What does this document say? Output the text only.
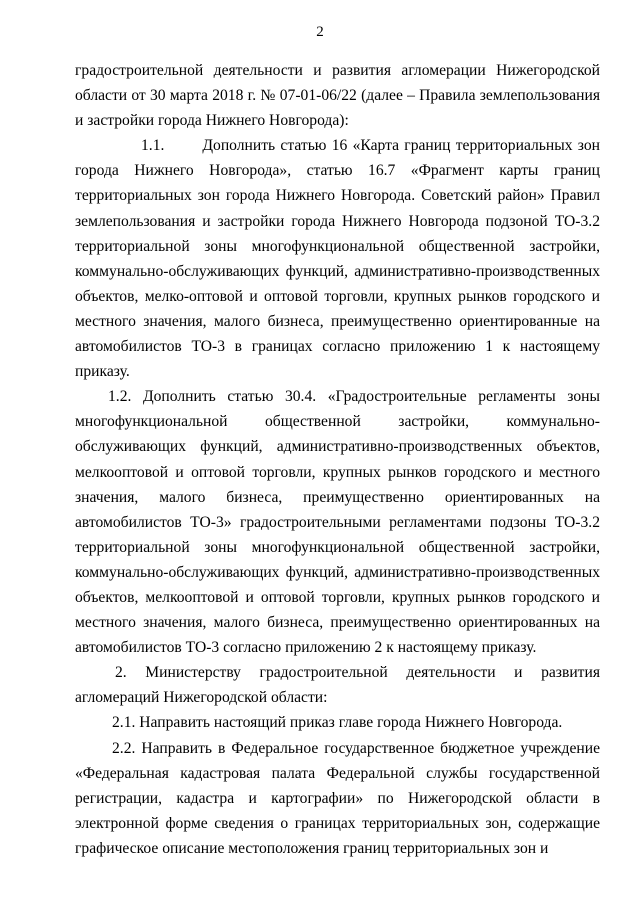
2

градостроительной деятельности и развития агломерации Нижегородской области от 30 марта 2018 г. № 07-01-06/22 (далее – Правила землепользования и застройки города Нижнего Новгорода):

1.1. Дополнить статью 16 «Карта границ территориальных зон города Нижнего Новгорода», статью 16.7 «Фрагмент карты границ территориальных зон города Нижнего Новгорода. Советский район» Правил землепользования и застройки города Нижнего Новгорода подзоной ТО-3.2 территориальной зоны многофункциональной общественной застройки, коммунально-обслуживающих функций, административно-производственных объектов, мелко-оптовой и оптовой торговли, крупных рынков городского и местного значения, малого бизнеса, преимущественно ориентированные на автомобилистов ТО-3 в границах согласно приложению 1 к настоящему приказу.

1.2. Дополнить статью 30.4. «Градостроительные регламенты зоны многофункциональной общественной застройки, коммунально-обслуживающих функций, административно-производственных объектов, мелкооптовой и оптовой торговли, крупных рынков городского и местного значения, малого бизнеса, преимущественно ориентированных на автомобилистов ТО-3» градостроительными регламентами подзоны ТО-3.2 территориальной зоны многофункциональной общественной застройки, коммунально-обслуживающих функций, административно-производственных объектов, мелкооптовой и оптовой торговли, крупных рынков городского и местного значения, малого бизнеса, преимущественно ориентированных на автомобилистов ТО-3 согласно приложению 2 к настоящему приказу.

2. Министерству градостроительной деятельности и развития агломераций Нижегородской области:

2.1. Направить настоящий приказ главе города Нижнего Новгорода.

2.2. Направить в Федеральное государственное бюджетное учреждение «Федеральная кадастровая палата Федеральной службы государственной регистрации, кадастра и картографии» по Нижегородской области в электронной форме сведения о границах территориальных зон, содержащие графическое описание местоположения границ территориальных зон и
